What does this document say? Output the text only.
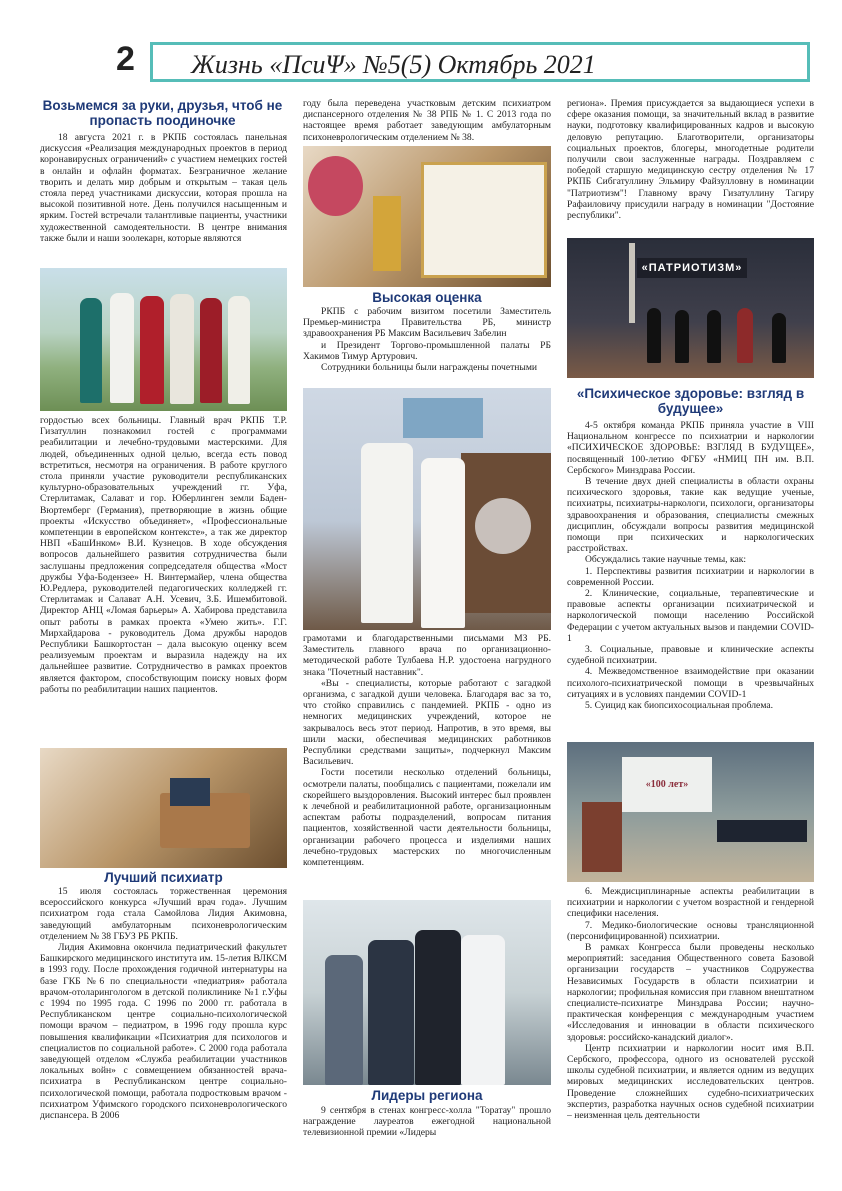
2	Жизнь «ПсиΨ» №5(5) Октябрь 2021
Возьмемся за руки, друзья, чтоб не пропасть поодиночке

18 августа 2021 г. в РКПБ состоялась панельная дискуссия «Реализация международных проектов в период коронавирусных ограничений» с участием немецких гостей в онлайн и офлайн форматах. Безграничное желание творить и делать мир добрым и открытым – такая цель стояла перед участниками дискуссии, которая прошла на высокой позитивной ноте. День получился насыщенным и ярким. Гостей встречали талантливые пациенты, участники художественной самодеятельности. В центре внимания также были и наши зоолекарн, которые являются

гордостью всех больницы. Главный врач РКПБ Т.Р. Гизатуллин познакомил гостей с программами реабилитации и лечебно-трудовыми мастерскими. Для людей, объединенных одной целью, всегда есть повод встретиться, несмотря на ограничения. В работе круглого стола приняли участие руководители республиканских культурно-образовательных учреждений гг. Уфа, Стерлитамак, Салават и гор. Юберлинген земли Баден-Вюртемберг (Германия), претворяющие в жизнь общие проекты «Искусство объединяет», «Профессиональные компетенции в европейском контексте», а так же директор НВП «БашИнком» В.И. Кузнецов. В ходе обсуждения вопросов дальнейшего развития сотрудничества были заслушаны предложения сопредседателя общества «Мост дружбы Уфа-Бодензее» Н. Винтермайер, члена общества Ю.Редлера, руководителей педагогических колледжей гг. Стерлитамак и Салават А.Н. Усевич, З.Б. Ишембитовой. Директор АНЦ «Ломая барьеры» А. Хабирова представила опыт работы в рамках проекта «Умею жить». Г.Г. Мирхайдарова - руководитель Дома дружбы народов Республики Башкортостан – дала высокую оценку всем реализуемым проектам и выразила надежду на их дальнейшее развитие. Сотрудничество в рамках проектов является фактором, способствующим поиску новых форм работы по реабилитации наших пациентов.

Лучший психиатр

15 июля состоялась торжественная церемония всероссийского конкурса «Лучший врач года». Лучшим психиатром года стала Самойлова Лидия Акимовна, заведующий амбулаторным психоневрологическим отделением № 38 ГБУЗ РБ РКПБ.

Лидия Акимовна окончила педиатрический факультет Башкирского медицинского института им. 15-летия ВЛКСМ в 1993 году. После прохождения годичной интернатуры на базе ГКБ №6 по специальности «педиатрия» работала врачом-отоларингологом в детской поликлинике №1 г.Уфы с 1994 по 1995 года. С 1996 по 2000 гг. работала в Республиканском центре социально-психологической помощи врачом – педиатром, в 1996 году прошла курс повышения квалификации «Психиатрия для психологов и специалистов по социальной работе». С 2000 года работала заведующей отделом «Служба реабилитации участников локальных войн» с совмещением обязанностей врача-психиатра в Республиканском центре социально-психологической помощи, работала подростковым врачом - психиатром Уфимского городского психоневрологического диспансера. В 2006

году была переведена участковым детским психиатром диспансерного отделения № 38 РПБ № 1. С 2013 года по настоящее время работает заведующим амбулаторным психоневрологическим отделением № 38.

Высокая оценка

РКПБ с рабочим визитом посетили Заместитель Премьер-министра Правительства РБ, министр здравоохранения РБ Максим Васильевич Забелин

и Президент Торгово-промышленной палаты РБ Хакимов Тимур Артурович.

Сотрудники больницы были награждены почетными

грамотами и благодарственными письмами МЗ РБ. Заместитель главного врача по организационно-методической работе Тулбаева Н.Р. удостоена нагрудного знака "Почетный наставник".

«Вы - специалисты, которые работают с загадкой организма, с загадкой души человека. Благодаря вас за то, что стойко справились с пандемией. РКПБ - одно из немногих медицинских учреждений, которое не закрывалось весь этот период. Напротив, в это время, вы шили маски, обеспечивая медицинских работников Республики средствами защиты», подчеркнул Максим Васильевич.

Гости посетили несколько отделений больницы, осмотрели палаты, пообщались с пациентами, пожелали им скорейшего выздоровления. Высокий интерес был проявлен к лечебной и реабилитационной работе, организационным аспектам работы подразделений, вопросам питания пациентов, хозяйственной части деятельности больницы, организации рабочего процесса и изделиями наших лечебно-трудовых мастерских по многочисленным компетенциям.

Лидеры региона

9 сентября в стенах конгресс-холла "Торатау" прошло награждение лауреатов ежегодной национальной телевизионной премии «Лидеры

региона». Премия присуждается за выдающиеся успехи в сфере оказания помощи, за значительный вклад в развитие науки, подготовку квалифицированных кадров и высокую деловую репутацию. Благотворители, организаторы социальных проектов, блогеры, многодетные родители получили свои заслуженные награды. Поздравляем с победой старшую медицинскую сестру отделения № 17 РКПБ Сибгатуллину Эльмиру Файзулловну в номинации "Патриотизм"! Главному врачу Гизатуллину Тагиру Рафаиловичу присудили награду в номинации "Достояние республики".

«ПАТРИОТИЗМ»
«Психическое здоровье: взгляд в будущее»

4-5 октября команда РКПБ приняла участие в VIII Национальном конгрессе по психиатрии и наркологии «ПСИХИЧЕСКОЕ ЗДОРОВЬЕ: ВЗГЛЯД В БУДУЩЕЕ», посвященный 100-летию ФГБУ «НМИЦ ПН им. В.П. Сербского» Минздрава России.

В течение двух дней специалисты в области охраны психического здоровья, такие как ведущие ученые, психиатры, психиатры-наркологи, психологи, организаторы здравоохранения и образования, специалисты смежных дисциплин, обсуждали вопросы развития медицинской помощи при психических и наркологических расстройствах.

Обсуждались такие научные темы, как:

1. Перспективы развития психиатрии и наркологии в современной России.

2. Клинические, социальные, терапевтические и правовые аспекты организации психиатрической и наркологической помощи населению Российской Федерации с учетом актуальных вызов и пандемии COVID-1

3. Социальные, правовые и клинические аспекты судебной психиатрии.

4. Межведомственное взаимодействие при оказании психолого-психиатрической помощи в чрезвычайных ситуациях и в условиях пандемии COVID-1

5. Суицид как биопсихосоциальная проблема.

«100 лет»

6. Междисциплинарные аспекты реабилитации в психиатрии и наркологии с учетом возрастной и гендерной специфики населения.

7. Медико-биологические основы трансляционной (персонифицированной) психиатрии.

В рамках Конгресса были проведены несколько мероприятий: заседания Общественного совета Базовой организации государств – участников Содружества Независимых Государств в области психиатрии и наркологии; профильная комиссия при главном внештатном специалисте-психиатре Минздрава России; научно-практическая конференция с международным участием «Исследования и инновации в области психического здоровья: российско-канадский диалог».

Центр психиатрии и наркологии носит имя В.П. Сербского, профессора, одного из основателей русской школы судебной психиатрии, и является одним из ведущих мировых медицинских исследовательских центров. Проведение сложнейших судебно-психиатрических экспертиз, разработка научных основ судебной психиатрии – неизменная цель деятельности
